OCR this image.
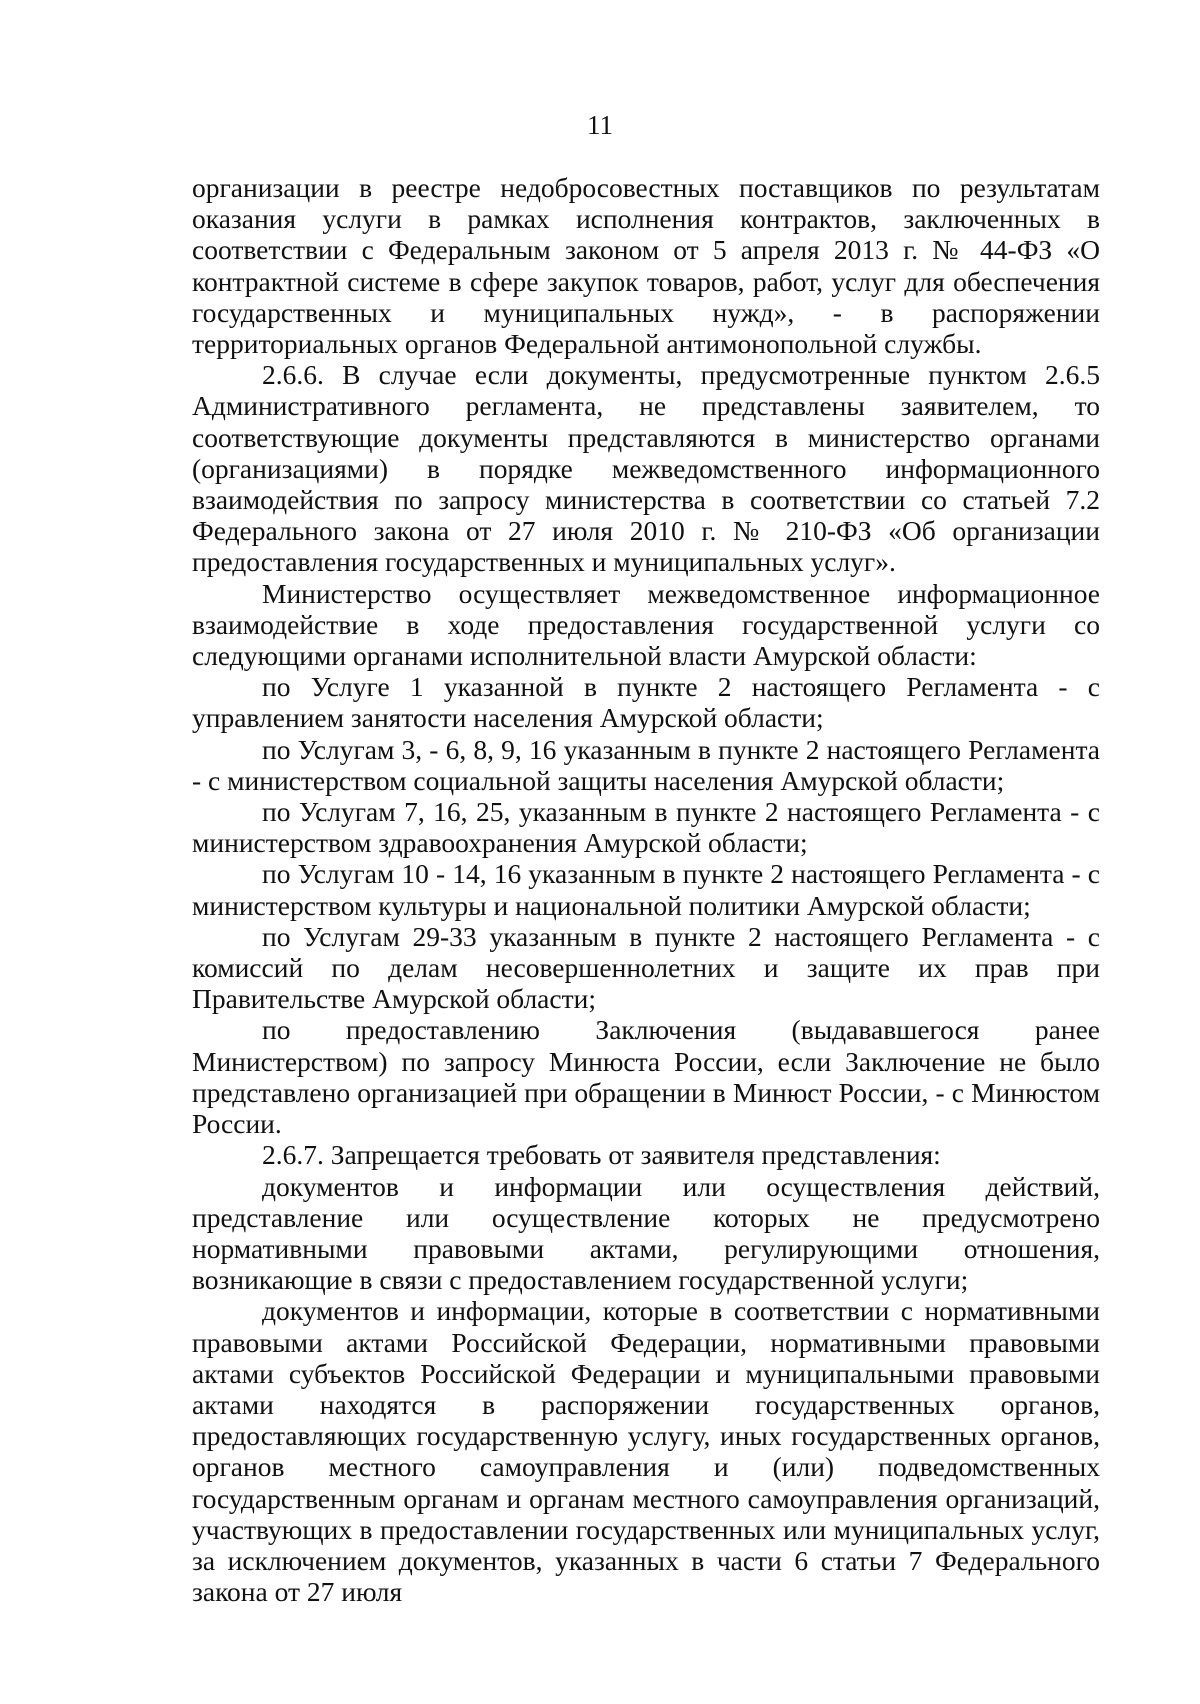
11

организации в реестре недобросовестных поставщиков по результатам оказания услуги в рамках исполнения контрактов, заключенных в соответствии с Федеральным законом от 5 апреля 2013 г. № 44-ФЗ «О контрактной системе в сфере закупок товаров, работ, услуг для обеспечения государственных и муниципальных нужд», - в распоряжении территориальных органов Федеральной антимонопольной службы.

2.6.6. В случае если документы, предусмотренные пунктом 2.6.5 Административного регламента, не представлены заявителем, то соответствующие документы представляются в министерство органами (организациями) в порядке межведомственного информационного взаимодействия по запросу министерства в соответствии со статьей 7.2 Федерального закона от 27 июля 2010 г. № 210-ФЗ «Об организации предоставления государственных и муниципальных услуг».

Министерство осуществляет межведомственное информационное взаимодействие в ходе предоставления государственной услуги со следующими органами исполнительной власти Амурской области:

по Услуге 1 указанной в пункте 2 настоящего Регламента - с управлением занятости населения Амурской области;

по Услугам 3, - 6, 8, 9, 16 указанным в пункте 2 настоящего Регламента - с министерством социальной защиты населения Амурской области;

по Услугам 7, 16, 25, указанным в пункте 2 настоящего Регламента - с министерством здравоохранения Амурской области;

по Услугам 10 - 14, 16 указанным в пункте 2 настоящего Регламента - с министерством культуры и национальной политики Амурской области;

по Услугам 29-33 указанным в пункте 2 настоящего Регламента - с комиссий по делам несовершеннолетних и защите их прав при Правительстве Амурской области;

по предоставлению Заключения (выдававшегося ранее Министерством) по запросу Минюста России, если Заключение не было представлено организацией при обращении в Минюст России, - с Минюстом России.

2.6.7. Запрещается требовать от заявителя представления:

документов и информации или осуществления действий, представление или осуществление которых не предусмотрено нормативными правовыми актами, регулирующими отношения, возникающие в связи с предоставлением государственной услуги;

документов и информации, которые в соответствии с нормативными правовыми актами Российской Федерации, нормативными правовыми актами субъектов Российской Федерации и муниципальными правовыми актами находятся в распоряжении государственных органов, предоставляющих государственную услугу, иных государственных органов, органов местного самоуправления и (или) подведомственных государственным органам и органам местного самоуправления организаций, участвующих в предоставлении государственных или муниципальных услуг, за исключением документов, указанных в части 6 статьи 7 Федерального закона от 27 июля
